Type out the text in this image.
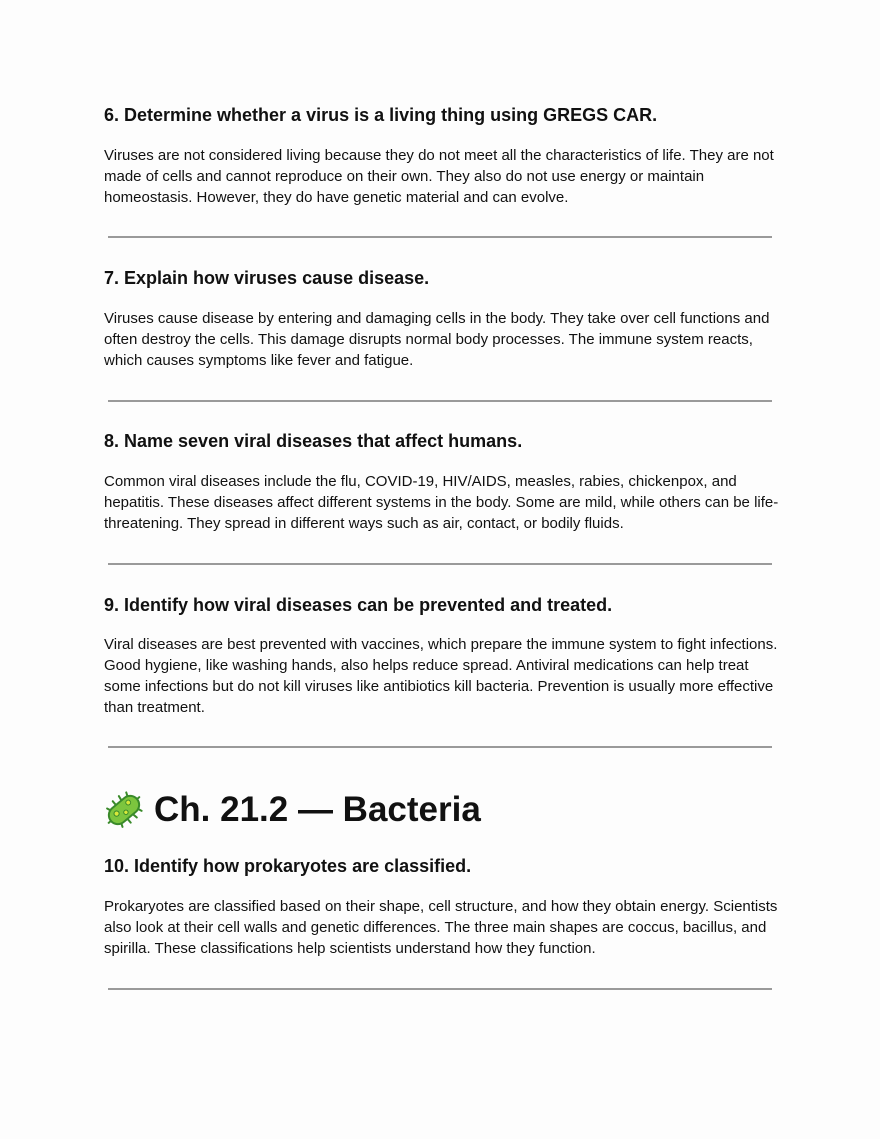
6. Determine whether a virus is a living thing using GREGS CAR.

Viruses are not considered living because they do not meet all the characteristics of life. They are not made of cells and cannot reproduce on their own. They also do not use energy or maintain homeostasis. However, they do have genetic material and can evolve.

7. Explain how viruses cause disease.

Viruses cause disease by entering and damaging cells in the body. They take over cell functions and often destroy the cells. This damage disrupts normal body processes. The immune system reacts, which causes symptoms like fever and fatigue.

8. Name seven viral diseases that affect humans.

Common viral diseases include the flu, COVID-19, HIV/AIDS, measles, rabies, chickenpox, and hepatitis. These diseases affect different systems in the body. Some are mild, while others can be life-threatening. They spread in different ways such as air, contact, or bodily fluids.

9. Identify how viral diseases can be prevented and treated.

Viral diseases are best prevented with vaccines, which prepare the immune system to fight infections. Good hygiene, like washing hands, also helps reduce spread. Antiviral medications can help treat some infections but do not kill viruses like antibiotics kill bacteria. Prevention is usually more effective than treatment.

Ch. 21.2 — Bacteria
10. Identify how prokaryotes are classified.

Prokaryotes are classified based on their shape, cell structure, and how they obtain energy. Scientists also look at their cell walls and genetic differences. The three main shapes are coccus, bacillus, and spirilla. These classifications help scientists understand how they function.
